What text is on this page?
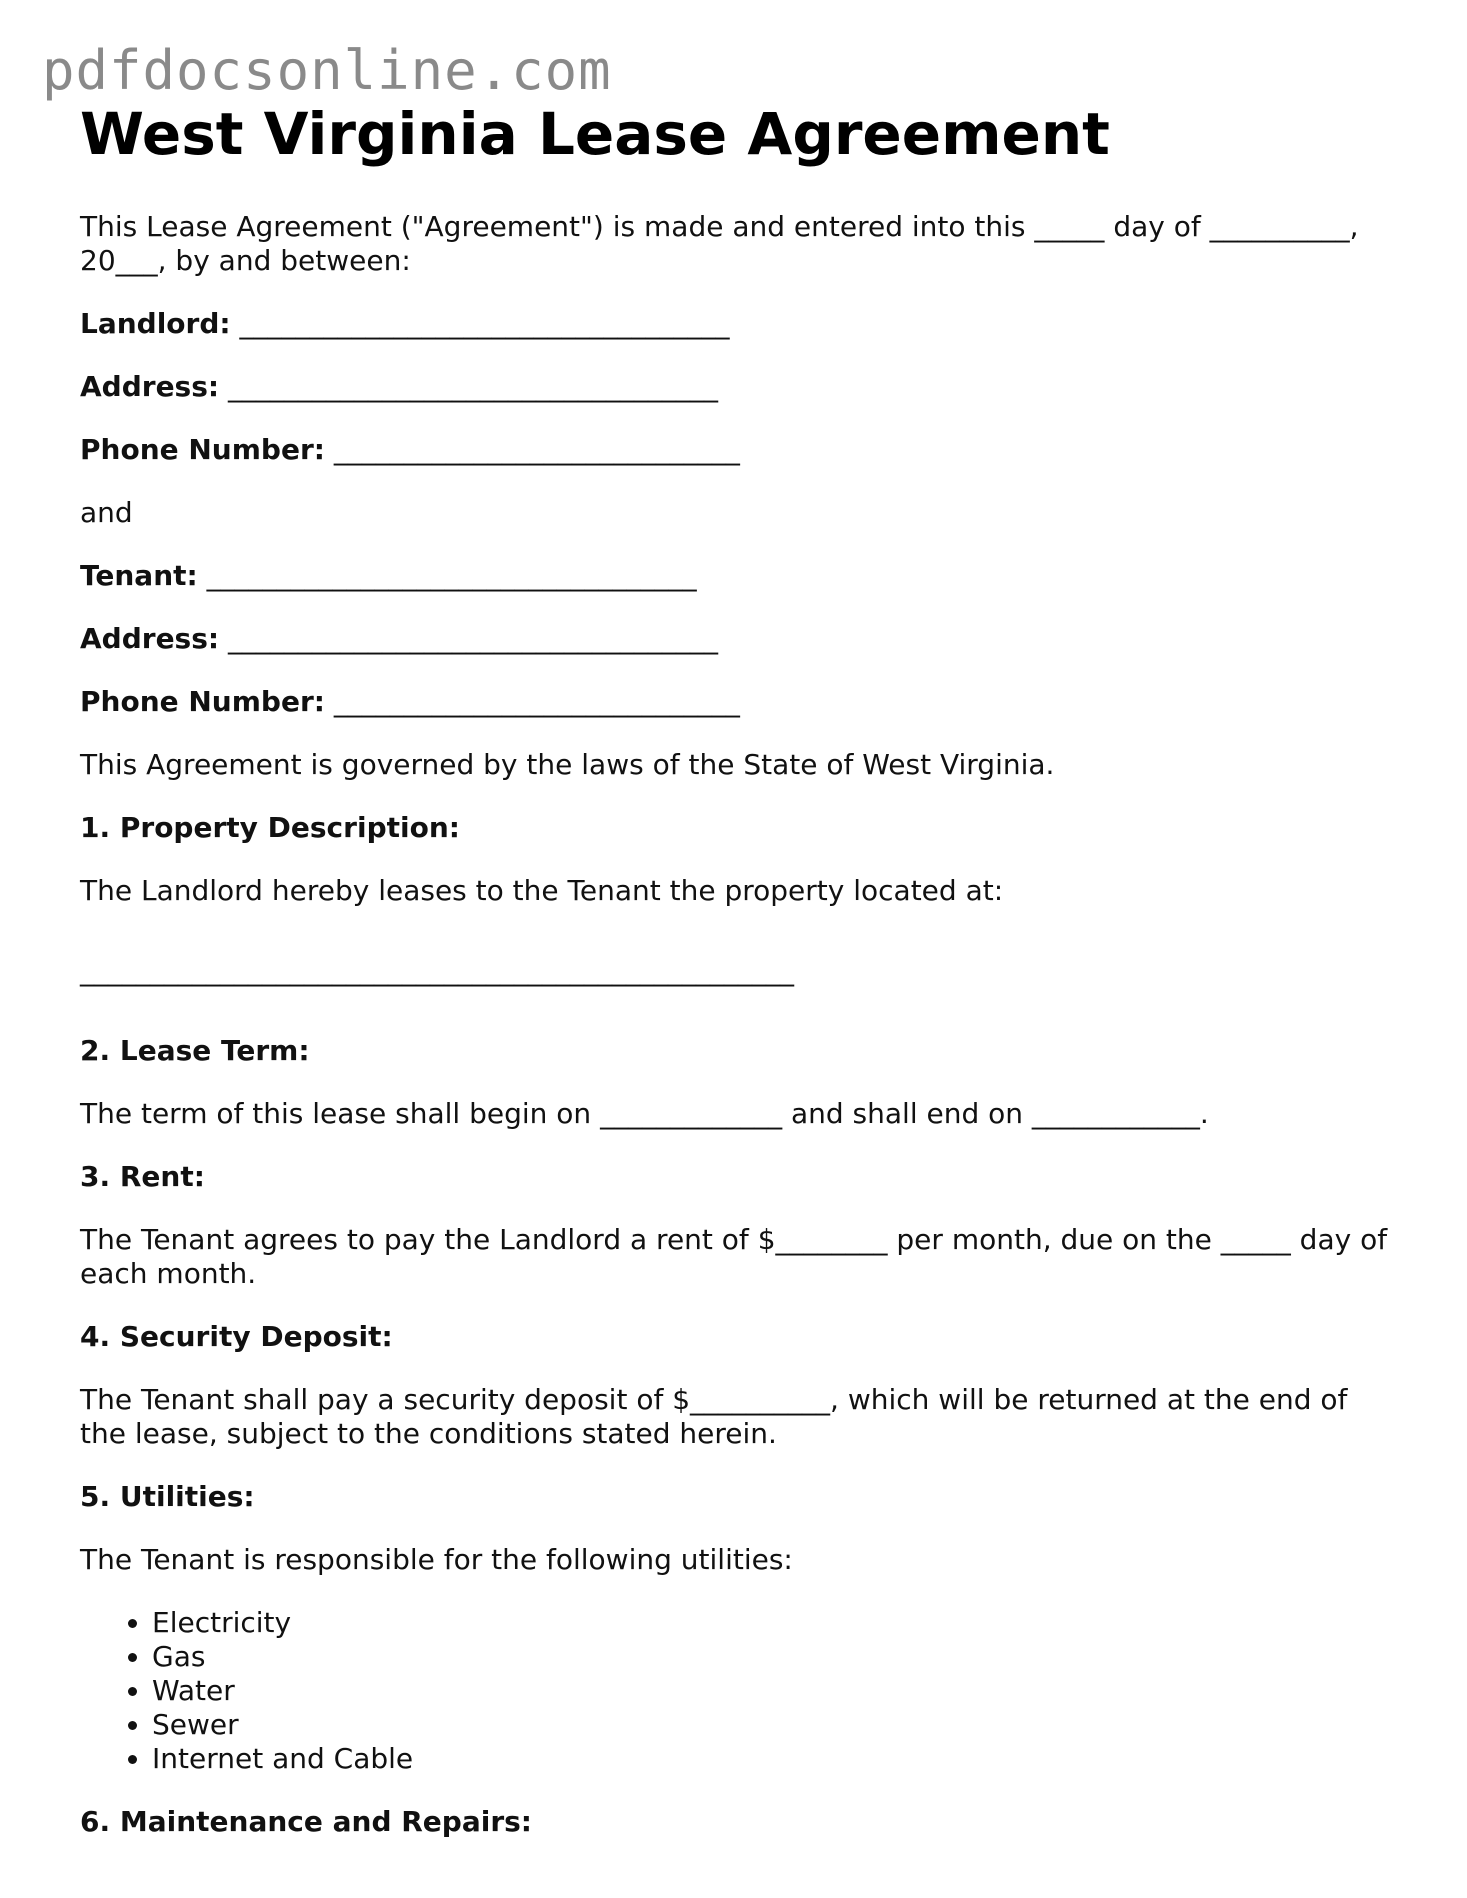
pdfdocsonline.com
West Virginia Lease Agreement

This Lease Agreement ("Agreement") is made and entered into this _____ day of __________, 20___, by and between:

Landlord: ___________________________________
Address: ___________________________________
Phone Number: _____________________________

and

Tenant: ___________________________________
Address: ___________________________________
Phone Number: _____________________________

This Agreement is governed by the laws of the State of West Virginia.

1. Property Description:

The Landlord hereby leases to the Tenant the property located at:

___________________________________________________
2. Lease Term:

The term of this lease shall begin on _____________ and shall end on ____________.

3. Rent:

The Tenant agrees to pay the Landlord a rent of $________ per month, due on the _____ day of each month.

4. Security Deposit:

The Tenant shall pay a security deposit of $__________, which will be returned at the end of the lease, subject to the conditions stated herein.

5. Utilities:

The Tenant is responsible for the following utilities:

• Electricity
• Gas
• Water
• Sewer
• Internet and Cable
6. Maintenance and Repairs:
